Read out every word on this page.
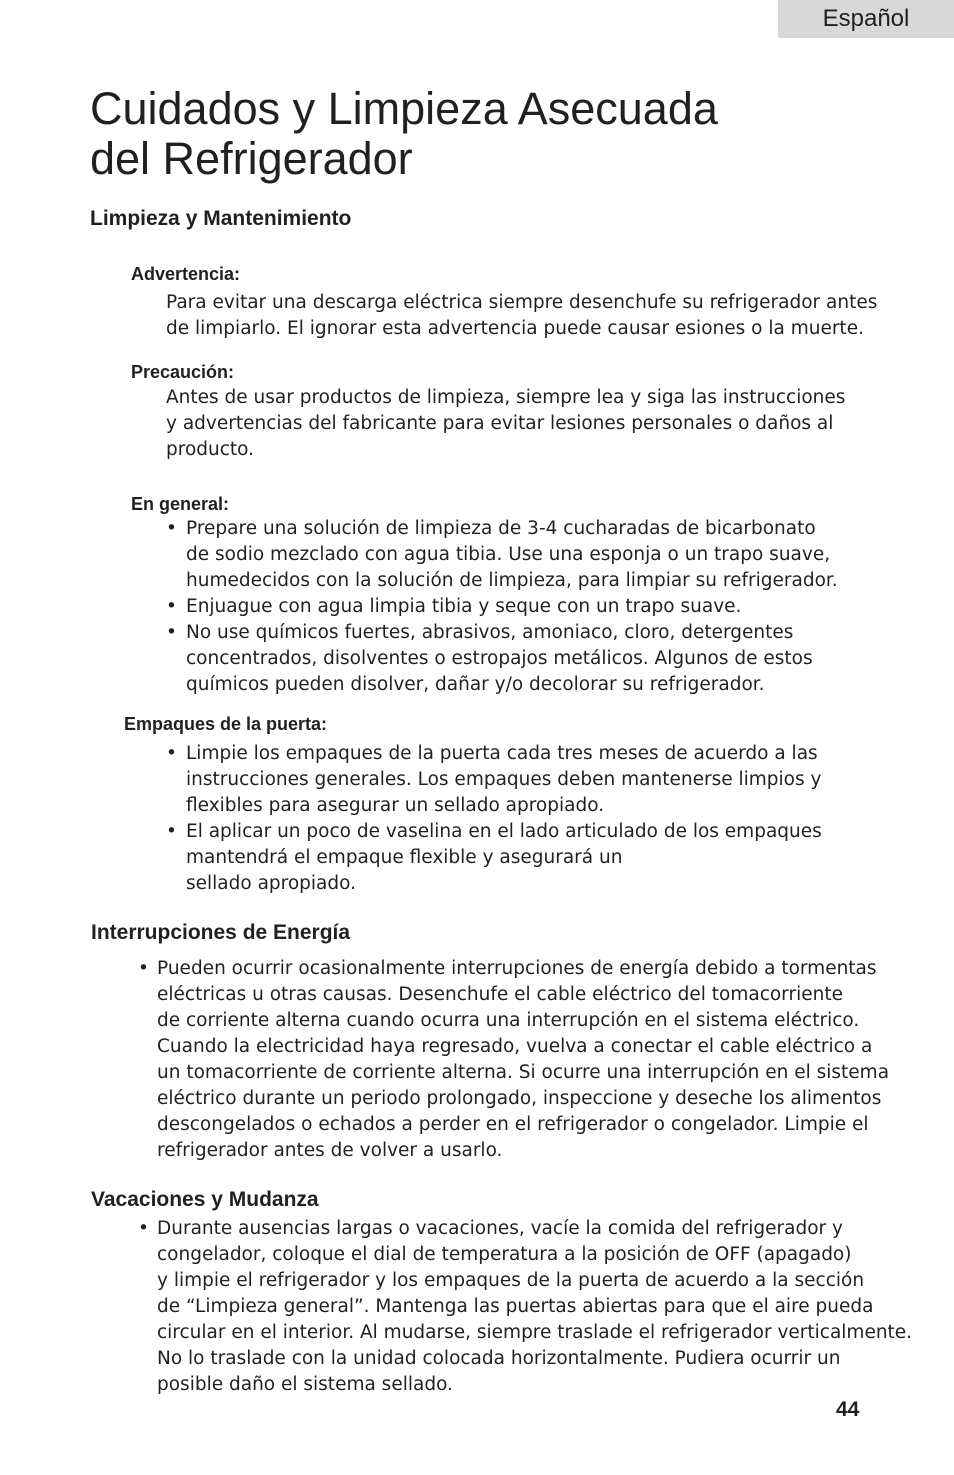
Español
Cuidados y Limpieza Asecuada
del Refrigerador
Limpieza y Mantenimiento
Advertencia:
Para evitar una descarga eléctrica siempre desenchufe su refrigerador antes
de limpiarlo. El ignorar esta advertencia puede causar esiones o la muerte.
Precaución:
Antes de usar productos de limpieza, siempre lea y siga las instrucciones
y advertencias del fabricante para evitar lesiones personales o daños al
producto.
En general:
• Prepare una solución de limpieza de 3-4 cucharadas de bicarbonato
de sodio mezclado con agua tibia. Use una esponja o un trapo suave,
humedecidos con la solución de limpieza, para limpiar su refrigerador.
• Enjuague con agua limpia tibia y seque con un trapo suave.
• No use químicos fuertes, abrasivos, amoniaco, cloro, detergentes
concentrados, disolventes o estropajos metálicos. Algunos de estos
químicos pueden disolver, dañar y/o decolorar su refrigerador.
Empaques de la puerta:
• Limpie los empaques de la puerta cada tres meses de acuerdo a las
instrucciones generales. Los empaques deben mantenerse limpios y
flexibles para asegurar un sellado apropiado.
• El aplicar un poco de vaselina en el lado articulado de los empaques
mantendrá el empaque flexible y asegurará un
sellado apropiado.
Interrupciones de Energía
• Pueden ocurrir ocasionalmente interrupciones de energía debido a tormentas
eléctricas u otras causas. Desenchufe el cable eléctrico del tomacorriente
de corriente alterna cuando ocurra una interrupción en el sistema eléctrico.
Cuando la electricidad haya regresado, vuelva a conectar el cable eléctrico a
un tomacorriente de corriente alterna. Si ocurre una interrupción en el sistema
eléctrico durante un periodo prolongado, inspeccione y deseche los alimentos
descongelados o echados a perder en el refrigerador o congelador. Limpie el
refrigerador antes de volver a usarlo.
Vacaciones y Mudanza
• Durante ausencias largas o vacaciones, vacíe la comida del refrigerador y
congelador, coloque el dial de temperatura a la posición de OFF (apagado)
y limpie el refrigerador y los empaques de la puerta de acuerdo a la sección
de “Limpieza general”. Mantenga las puertas abiertas para que el aire pueda
circular en el interior. Al mudarse, siempre traslade el refrigerador verticalmente.
No lo traslade con la unidad colocada horizontalmente. Pudiera ocurrir un
posible daño el sistema sellado.
44
